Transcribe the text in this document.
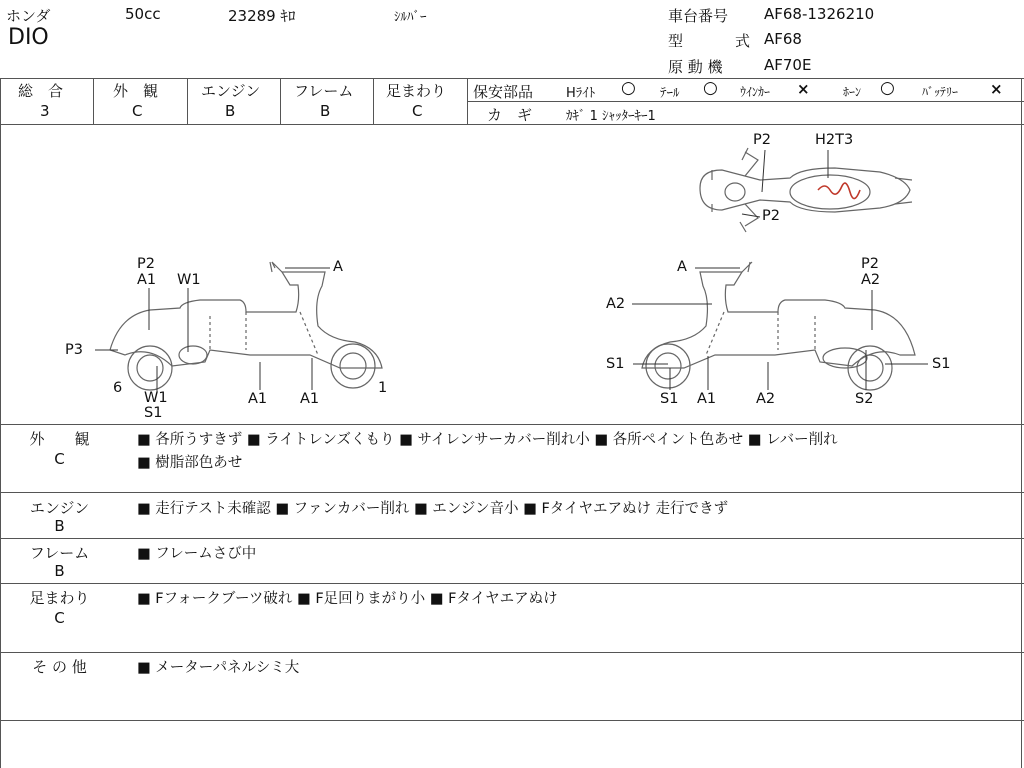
ホンダ	50cc	23289 ｷﾛ	ｼﾙﾊﾞｰ
DIO
車台番号 AF68-1326210
型	式 AF68
原 動 機	AF70E
総　合
3
外　観
C
エンジン
B
フレーム
B
足まわり
C
保安部品	Hﾗｲﾄ ○ ﾃｰﾙ ○ ｳｲﾝｶｰ ×	ﾎｰﾝ ○ ﾊﾞｯﾃﾘｰ ×
カ　ギ	ｶｷﾞ 1 ｼｬｯﾀｰｷｰ1
P2	H2T3
P2
P2
A1 W1
A
P3
6
W1
S1
A1 A1
1
A	P2
A2
A2
S1	S1
S1 A1	A2	S2
外　　観
C
■ 各所うすきず ■ ライトレンズくもり ■ サイレンサーカバー削れ小 ■ 各所ペイント色あせ ■ レバー削れ
■ 樹脂部色あせ
エンジン
B
■ 走行テスト未確認 ■ ファンカバー削れ ■ エンジン音小 ■ Fタイヤエアぬけ 走行できず
フレーム
B
■ フレームさび中
足まわり
C
■ Fフォークブーツ破れ ■ F足回りまがり小 ■ Fタイヤエアぬけ
そ の 他	■ メーターパネルシミ大
